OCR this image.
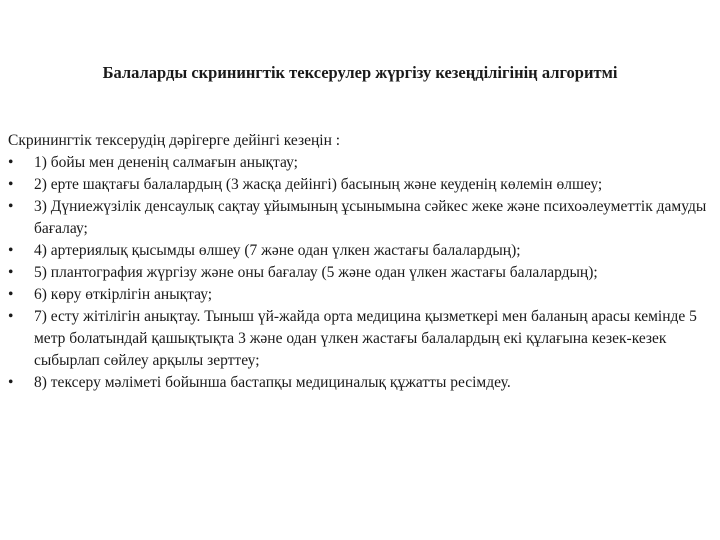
Балаларды скринингтік тексерулер жүргізу кезеңділігінің алгоритмі
Скринингтік тексерудің дәрігерге дейінгі кезеңін :
•	1) бойы мен дененің салмағын анықтау;
•	2) ерте шақтағы балалардың (3 жасқа дейінгі) басының және кеуденің көлемін өлшеу;
•	3) Дүниежүзілік денсаулық сақтау ұйымының ұсынымына сәйкес жеке және психоәлеуметтік дамуды бағалау;
•	4) артериялық қысымды өлшеу (7 және одан үлкен жастағы балалардың);
•	5) плантография жүргізу және оны бағалау (5 және одан үлкен жастағы балалардың);
•	6) көру өткірлігін анықтау;
•	7) есту жітілігін анықтау. Тыныш үй-жайда орта медицина қызметкері мен баланың арасы кемінде 5 метр болатындай қашықтықта 3 және одан үлкен жастағы балалардың екі құлағына кезек-кезек сыбырлап сөйлеу арқылы зерттеу;
•	8) тексеру мәліметі бойынша бастапқы медициналық құжатты ресімдеу.
